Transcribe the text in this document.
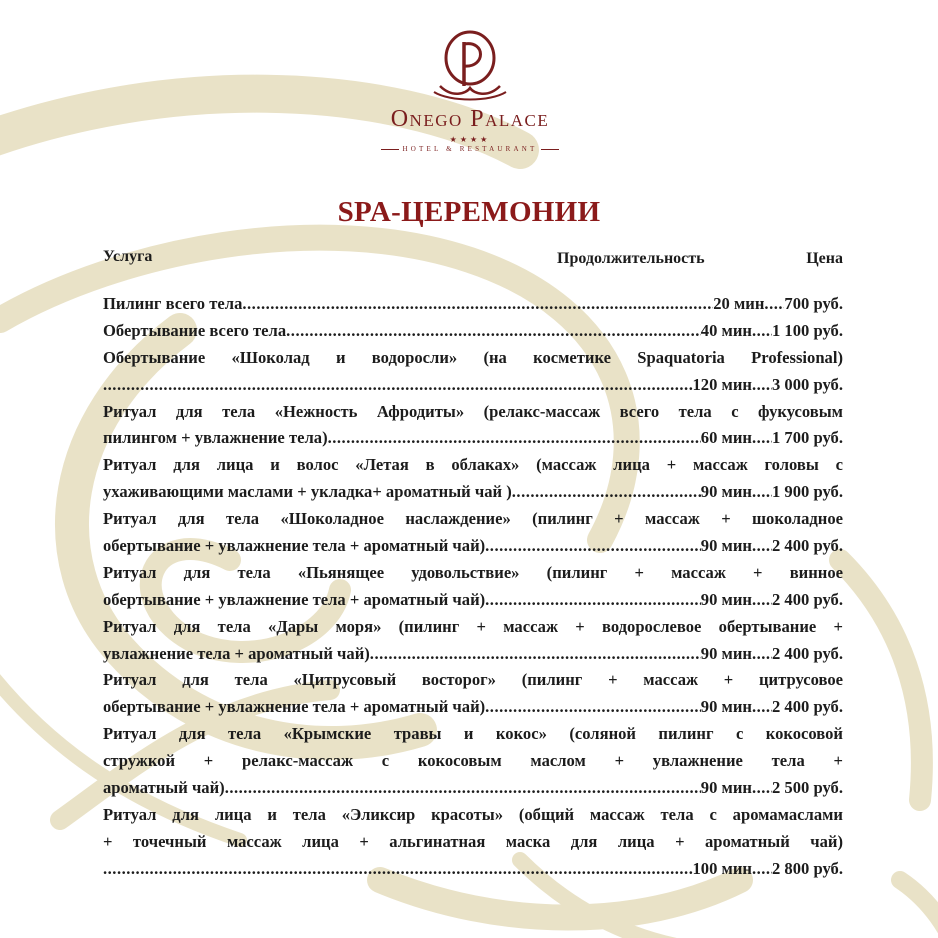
Onego Palace
★★★★
HOTEL & RESTAURANT
SPA-ЦЕРЕМОНИИ
Услуга	Продолжительность	Цена
Пилинг всего тела .....	20 мин ..... 700 руб.
Обертывание всего тела .....	40 мин ..... 1 100 руб.
Обертывание «Шоколад и водоросли» (на косметике Spaquatoria Professional)
.....
120 мин ..... 3 000 руб.
Ритуал для тела «Нежность Афродиты» (релакс-массаж всего тела с фукусовым
пилингом + увлажнение тела) .....	60 мин ..... 1 700 руб.
Ритуал для лица и волос «Летая в облаках» (массаж лица + массаж головы с
ухаживающими маслами + укладка+ ароматный чай ) .....	90 мин ..... 1 900 руб.
Ритуал для тела «Шоколадное наслаждение» (пилинг + массаж + шоколадное
обертывание + увлажнение тела + ароматный чай) .....	90 мин ..... 2 400 руб.
Ритуал для тела «Пьянящее удовольствие» (пилинг + массаж + винное
обертывание + увлажнение тела + ароматный чай) .....	90 мин ..... 2 400 руб.
Ритуал для тела «Дары моря» (пилинг + массаж + водорослевое обертывание +
увлажнение тела + ароматный чай) .....	90 мин ..... 2 400 руб.
Ритуал для тела «Цитрусовый восторог» (пилинг + массаж + цитрусовое
обертывание + увлажнение тела + ароматный чай) .....	90 мин ..... 2 400 руб.
Ритуал для тела «Крымские травы и кокос» (соляной пилинг с кокосовой
стружкой + релакс-массаж с кокосовым маслом + увлажнение тела +
ароматный чай) .....	90 мин ..... 2 500 руб.
Ритуал для лица и тела «Эликсир красоты» (общий массаж тела с аромамаслами
+ точечный массаж лица + альгинатная маска для лица + ароматный чай)
.....
100 мин ..... 2 800 руб.
